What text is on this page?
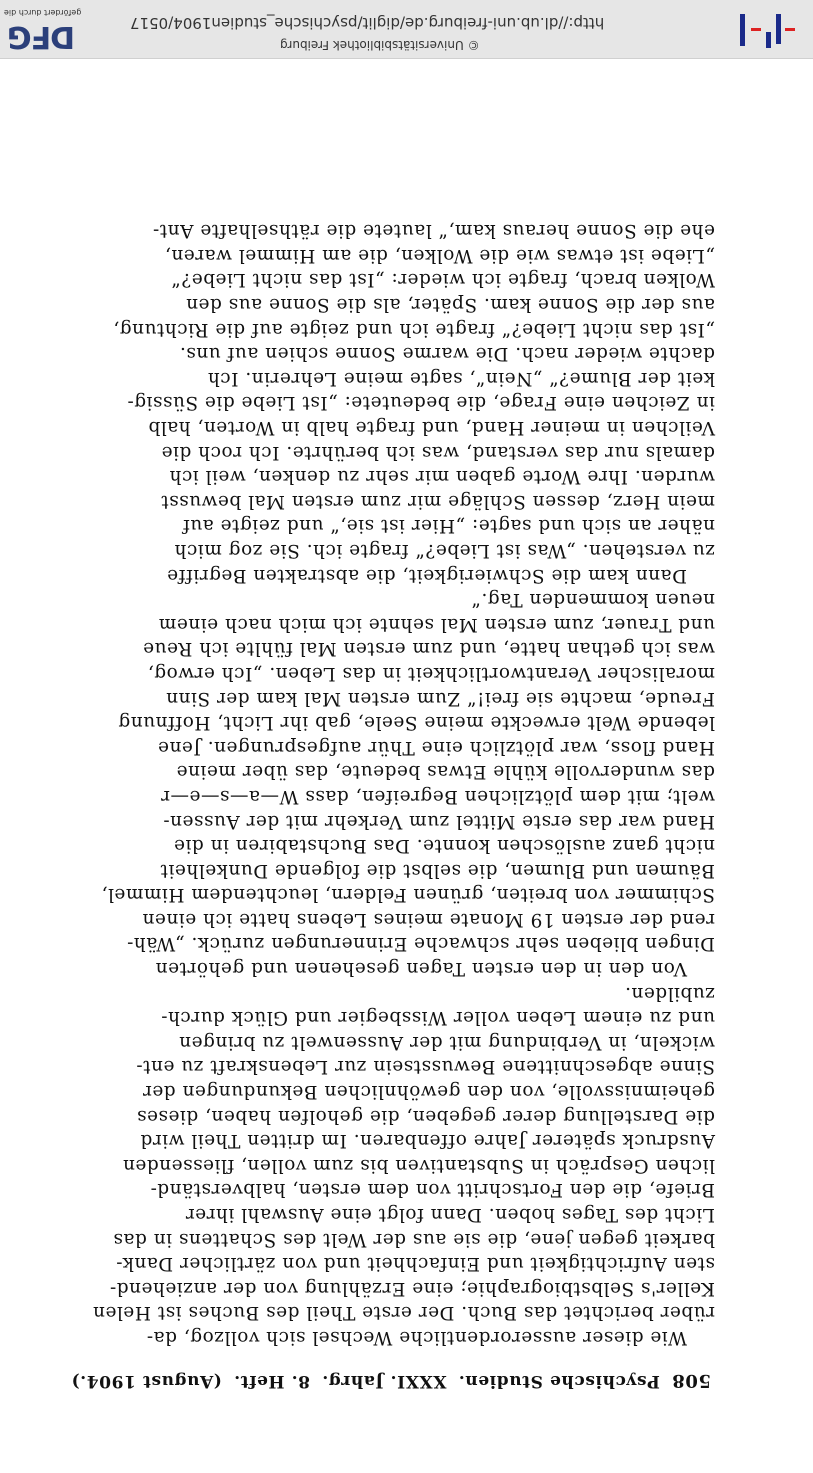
508
Psychische Studien.
XXXI. Jahrg.
8. Heft.
(August 1904.)
Wie dieser ausserordentliche Wechsel sich vollzog, da-
rüber berichtet das Buch. Der erste Theil des Buches ist Helen
Keller's Selbstbiographie; eine Erzählung von der anziehend-
sten Aufrichtigkeit und Einfachheit und von zärtlicher Dank-
barkeit gegen jene, die sie aus der Welt des Schattens in das
Licht des Tages hoben. Dann folgt eine Auswahl ihrer
Briefe, die den Fortschritt von dem ersten, halbverständ-
lichen Gespräch in Substantiven bis zum vollen, fliessenden
Ausdruck späterer Jahre offenbaren. Im dritten Theil wird
die Darstellung derer gegeben, die geholfen haben, dieses
geheimnissvolle, von den gewöhnlichen Bekundungen der
Sinne abgeschnittene Bewusstsein zur Lebenskraft zu ent-
wickeln, in Verbindung mit der Aussenwelt zu bringen
und zu einem Leben voller Wissbegier und Glück durch-
zubilden.
Von den in den ersten Tagen gesehenen und gehörten
Dingen blieben sehr schwache Erinnerungen zurück. „Wäh-
rend der ersten 19 Monate meines Lebens hatte ich einen
Schimmer von breiten, grünen Feldern, leuchtendem Himmel,
Bäumen und Blumen, die selbst die folgende Dunkelheit
nicht ganz auslöschen konnte. Das Buchstabiren in die
Hand war das erste Mittel zum Verkehr mit der Aussen-
welt; mit dem plötzlichen Begreifen, dass W—a—s—e—r
das wundervolle kühle Etwas bedeute, das über meine
Hand floss, war plötzlich eine Thür aufgesprungen. Jene
lebende Welt erweckte meine Seele, gab ihr Licht, Hoffnung
Freude, machte sie frei!“ Zum ersten Mal kam der Sinn
moralischer Verantwortlichkeit in das Leben. „Ich erwog,
was ich gethan hatte, und zum ersten Mal fühlte ich Reue
und Trauer, zum ersten Mal sehnte ich mich nach einem
neuen kommenden Tag.“
Dann kam die Schwierigkeit, die abstrakten Begriffe
zu verstehen. „Was ist Liebe?“ fragte ich. Sie zog mich
näher an sich und sagte: „Hier ist sie,“ und zeigte auf
mein Herz, dessen Schläge mir zum ersten Mal bewusst
wurden. Ihre Worte gaben mir sehr zu denken, weil ich
damals nur das verstand, was ich berührte. Ich roch die
Veilchen in meiner Hand, und fragte halb in Worten, halb
in Zeichen eine Frage, die bedeutete: „Ist Liebe die Süssig-
keit der Blume?“ „Nein“, sagte meine Lehrerin. Ich
dachte wieder nach. Die warme Sonne schien auf uns.
„Ist das nicht Liebe?“ fragte ich und zeigte auf die Richtung,
aus der die Sonne kam. Später, als die Sonne aus den
Wolken brach, fragte ich wieder: „Ist das nicht Liebe?“
„Liebe ist etwas wie die Wolken, die am Himmel waren,
ehe die Sonne heraus kam,“ lautete die räthselhafte Ant-
© Universitätsbibliothek Freiburg
http://dl.ub.uni-freiburg.de/diglit/psychische_studien1904/0517
DFG
gefördert durch die
